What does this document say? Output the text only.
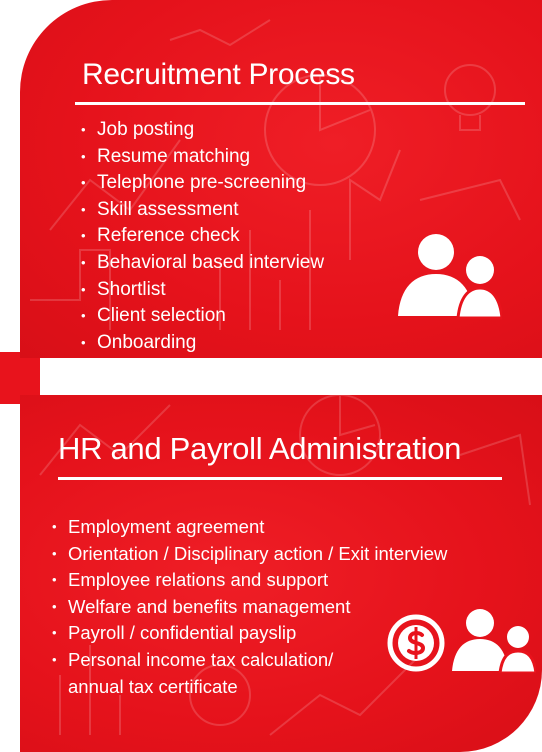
Recruitment Process
• Job posting
• Resume matching
• Telephone pre-screening
• Skill assessment
• Reference check
• Behavioral based interview
• Shortlist
• Client selection
• Onboarding
HR and Payroll Administration
• Employment agreement
• Orientation / Disciplinary action / Exit interview
• Employee relations and support
• Welfare and benefits management
• Payroll / confidential payslip
• Personal income tax calculation/ annual tax certificate
